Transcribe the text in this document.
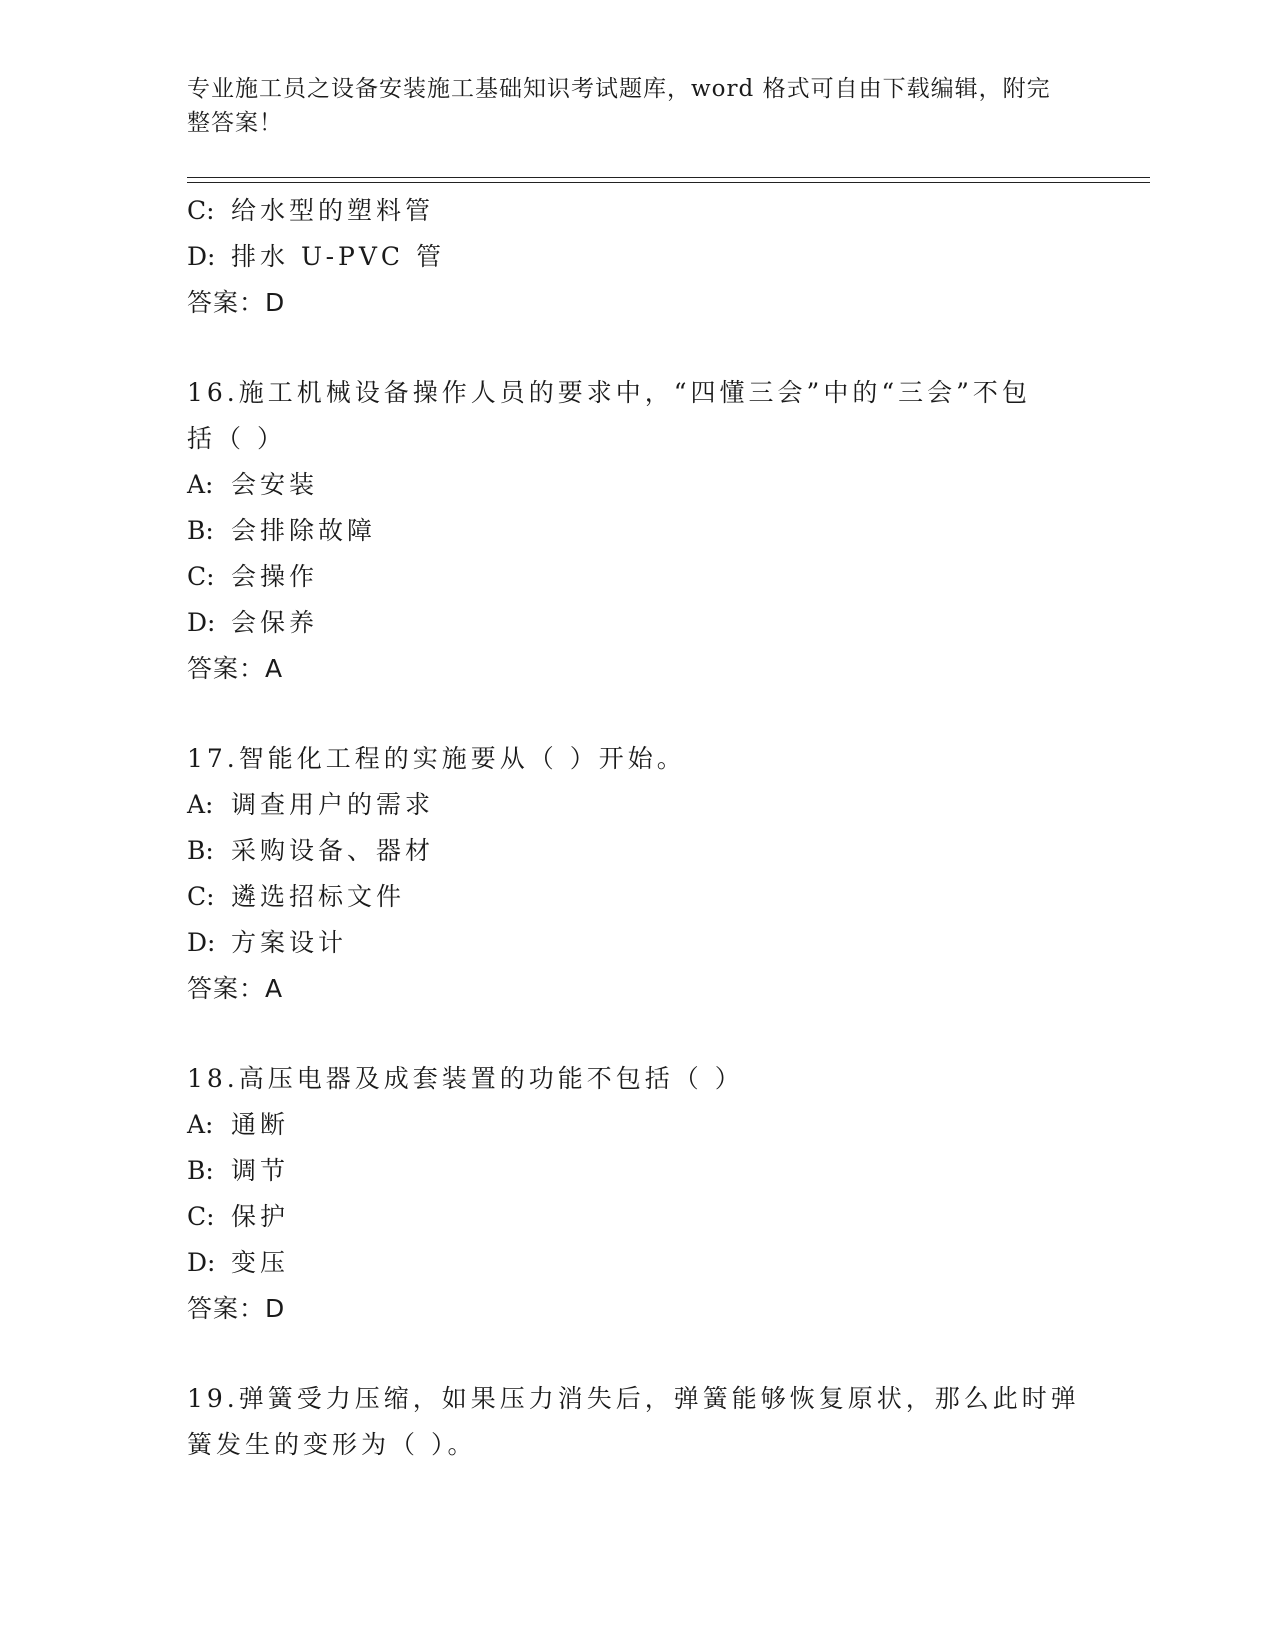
专业施工员之设备安装施工基础知识考试题库，word 格式可自由下载编辑，附完
整答案！
C: 给水型的塑料管
D: 排水 U-PVC 管
答案：D
16.施工机械设备操作人员的要求中，“四懂三会”中的“三会”不包
括（ ）
A: 会安装
B: 会排除故障
C: 会操作
D: 会保养
答案：A
17.智能化工程的实施要从（ ）开始。
A: 调查用户的需求
B: 采购设备、器材
C: 遴选招标文件
D: 方案设计
答案：A
18.高压电器及成套装置的功能不包括（ ）
A: 通断
B: 调节
C: 保护
D: 变压
答案：D
19.弹簧受力压缩，如果压力消失后，弹簧能够恢复原状，那么此时弹
簧发生的变形为（ ）。
